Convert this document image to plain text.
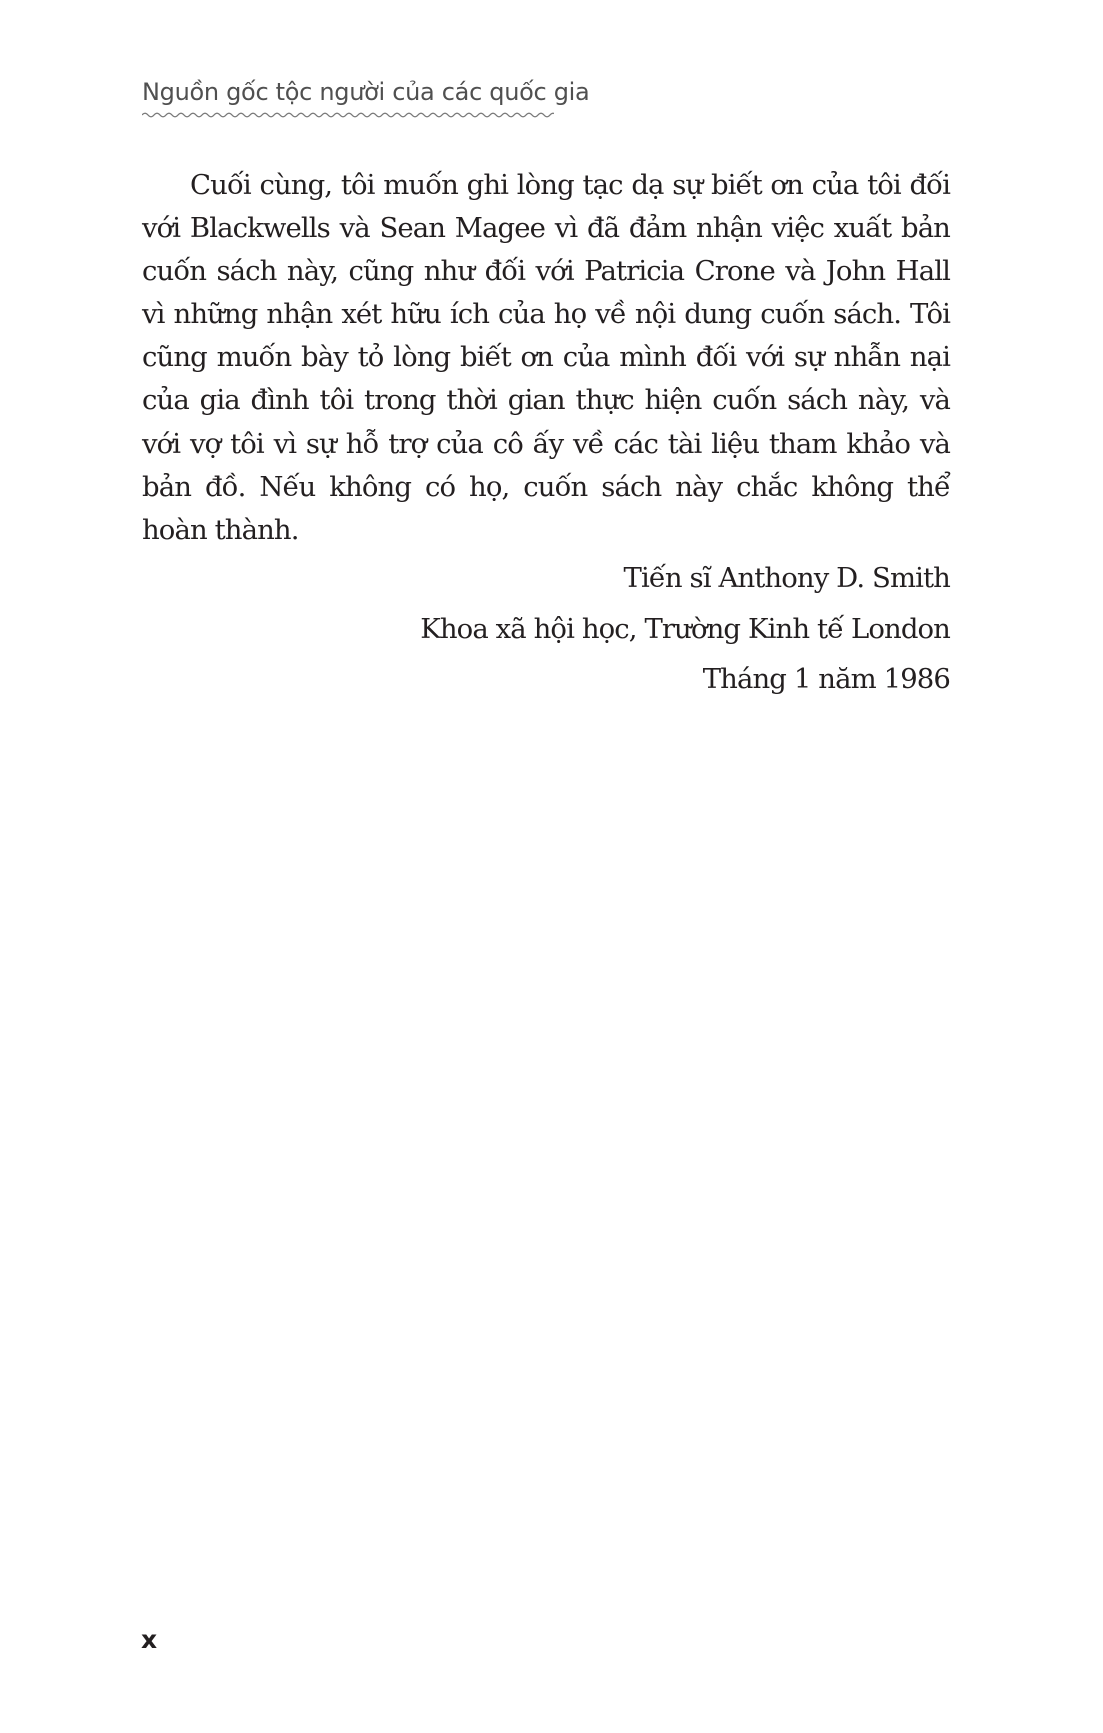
Nguồn gốc tộc người của các quốc gia

Cuối cùng, tôi muốn ghi lòng tạc dạ sự biết ơn của tôi đối với Blackwells và Sean Magee vì đã đảm nhận việc xuất bản cuốn sách này, cũng như đối với Patricia Crone và John Hall vì những nhận xét hữu ích của họ về nội dung cuốn sách. Tôi cũng muốn bày tỏ lòng biết ơn của mình đối với sự nhẫn nại của gia đình tôi trong thời gian thực hiện cuốn sách này, và với vợ tôi vì sự hỗ trợ của cô ấy về các tài liệu tham khảo và bản đồ. Nếu không có họ, cuốn sách này chắc không thể hoàn thành.

Tiến sĩ Anthony D. Smith
Khoa xã hội học, Trường Kinh tế London
Tháng 1 năm 1986
x
